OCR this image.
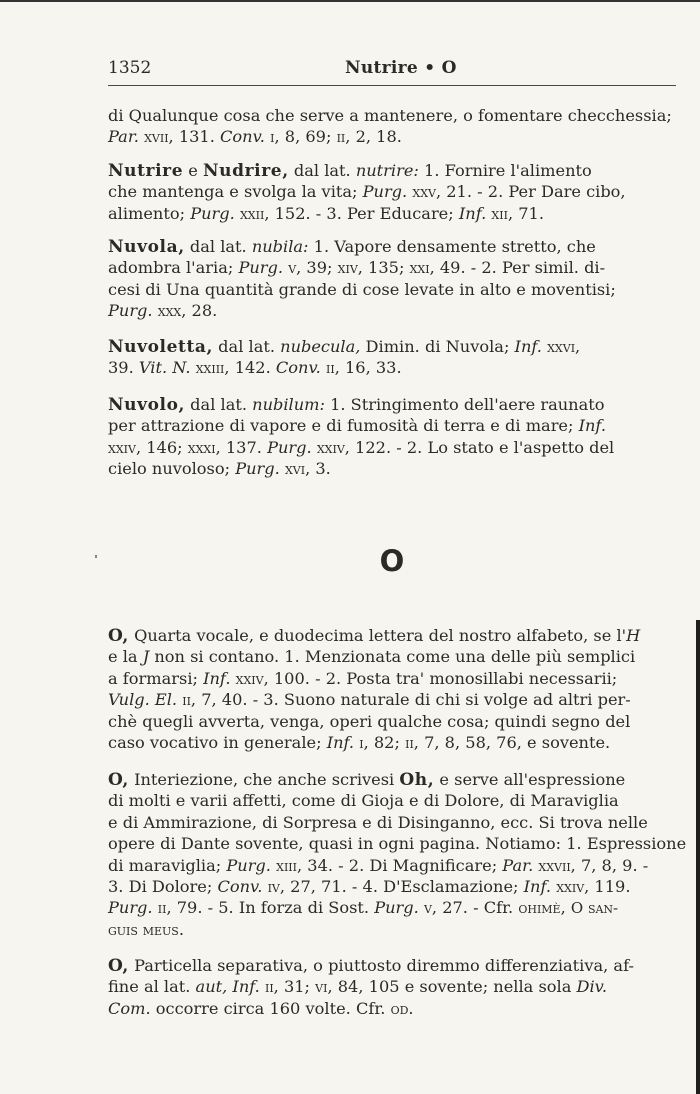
1352	Nutrire • O
di Qualunque cosa che serve a mantenere, o fomentare checchessia;
Par. xvii, 131. Conv. i, 8, 69; ii, 2, 18.
Nutrire e Nudrire, dal lat. nutrire: 1. Fornire l'alimento
che mantenga e svolga la vita; Purg. xxv, 21. - 2. Per Dare cibo,
alimento; Purg. xxii, 152. - 3. Per Educare; Inf. xii, 71.
Nuvola, dal lat. nubila: 1. Vapore densamente stretto, che
adombra l'aria; Purg. v, 39; xiv, 135; xxi, 49. - 2. Per simil. di-
cesi di Una quantità grande di cose levate in alto e moventisi;
Purg. xxx, 28.
Nuvoletta, dal lat. nubecula, Dimin. di Nuvola; Inf. xxvi,
39. Vit. N. xxiii, 142. Conv. ii, 16, 33.
Nuvolo, dal lat. nubilum: 1. Stringimento dell'aere raunato
per attrazione di vapore e di fumosità di terra e di mare; Inf.
xxiv, 146; xxxi, 137. Purg. xxiv, 122. - 2. Lo stato e l'aspetto del
cielo nuvoloso; Purg. xvi, 3.
O
O, Quarta vocale, e duodecima lettera del nostro alfabeto, se l'H
e la J non si contano. 1. Menzionata come una delle più semplici
a formarsi; Inf. xxiv, 100. - 2. Posta tra' monosillabi necessarii;
Vulg. El. ii, 7, 40. - 3. Suono naturale di chi si volge ad altri per-
chè quegli avverta, venga, operi qualche cosa; quindi segno del
caso vocativo in generale; Inf. i, 82; ii, 7, 8, 58, 76, e sovente.
O, Interiezione, che anche scrivesi Oh, e serve all'espressione
di molti e varii affetti, come di Gioja e di Dolore, di Maraviglia
e di Ammirazione, di Sorpresa e di Disinganno, ecc. Si trova nelle
opere di Dante sovente, quasi in ogni pagina. Notiamo: 1. Espressione
di maraviglia; Purg. xiii, 34. - 2. Di Magnificare; Par. xxvii, 7, 8, 9. -
3. Di Dolore; Conv. iv, 27, 71. - 4. D'Esclamazione; Inf. xxiv, 119.
Purg. ii, 79. - 5. In forza di Sost. Purg. v, 27. - Cfr. ohimè, O san-
guis meus.
O, Particella separativa, o piuttosto diremmo differenziativa, af-
fine al lat. aut, Inf. ii, 31; vi, 84, 105 e sovente; nella sola Div.
Com. occorre circa 160 volte. Cfr. od.
